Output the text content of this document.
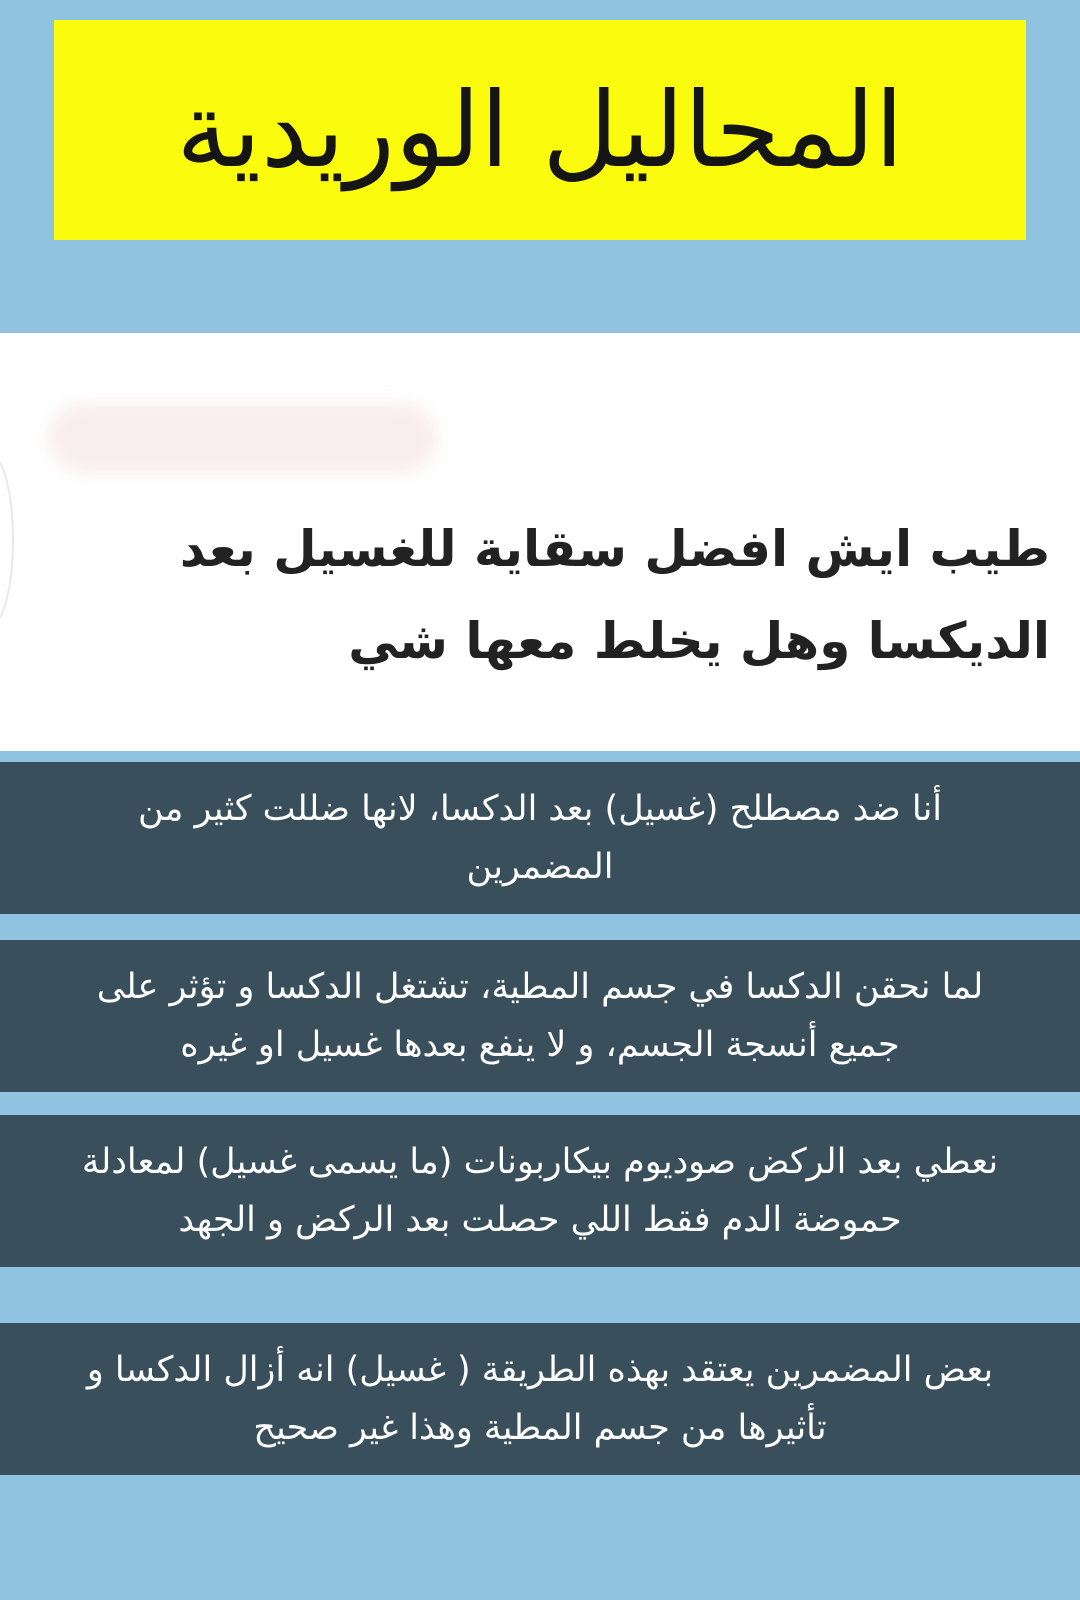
المحاليل الوريدية

طيب ايش افضل سقاية للغسيل بعد الديكسا وهل يخلط معها شي

أنا ضد مصطلح (غسيل) بعد الدكسا، لانها ضللت كثير من المضمرين

لما نحقن الدكسا في جسم المطية، تشتغل الدكسا و تؤثر على جميع أنسجة الجسم، و لا ينفع بعدها غسيل او غيره

نعطي بعد الركض صوديوم بيكاربونات (ما يسمى غسيل) لمعادلة حموضة الدم فقط اللي حصلت بعد الركض و الجهد

بعض المضمرين يعتقد بهذه الطريقة ( غسيل) انه أزال الدكسا و تأثيرها من جسم المطية وهذا غير صحيح
